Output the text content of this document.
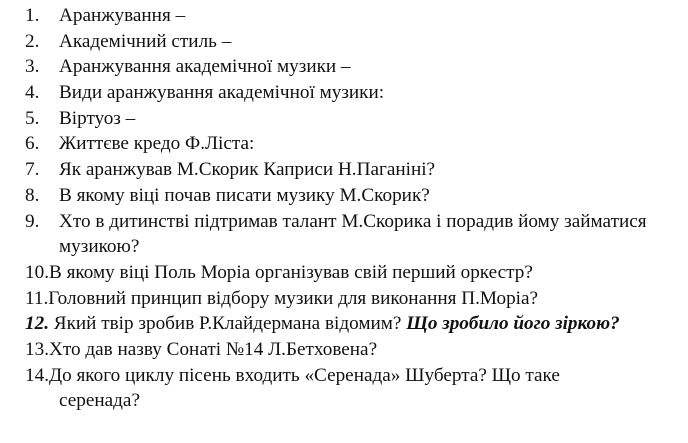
1. Аранжування –
2. Академічний стиль –
3. Аранжування академічної музики –
4. Види аранжування академічної музики:
5. Віртуоз –
6. Життєве кредо Ф.Ліста:
7. Як аранжував М.Скорик Каприси Н.Паганіні?
8. В якому віці почав писати музику М.Скорик?
9. Хто в дитинстві підтримав талант М.Скорика і порадив йому займатися
музикою?
10.В якому віці Поль Моріа організував свій перший оркестр?
11.Головний принцип відбору музики для виконання П.Моріа?
12. Який твір зробив Р.Клайдермана відомим? Що зробило його зіркою?
13.Хто дав назву Сонаті №14 Л.Бетховена?
14.До якого циклу пісень входить «Серенада» Шуберта? Що таке
серенада?
